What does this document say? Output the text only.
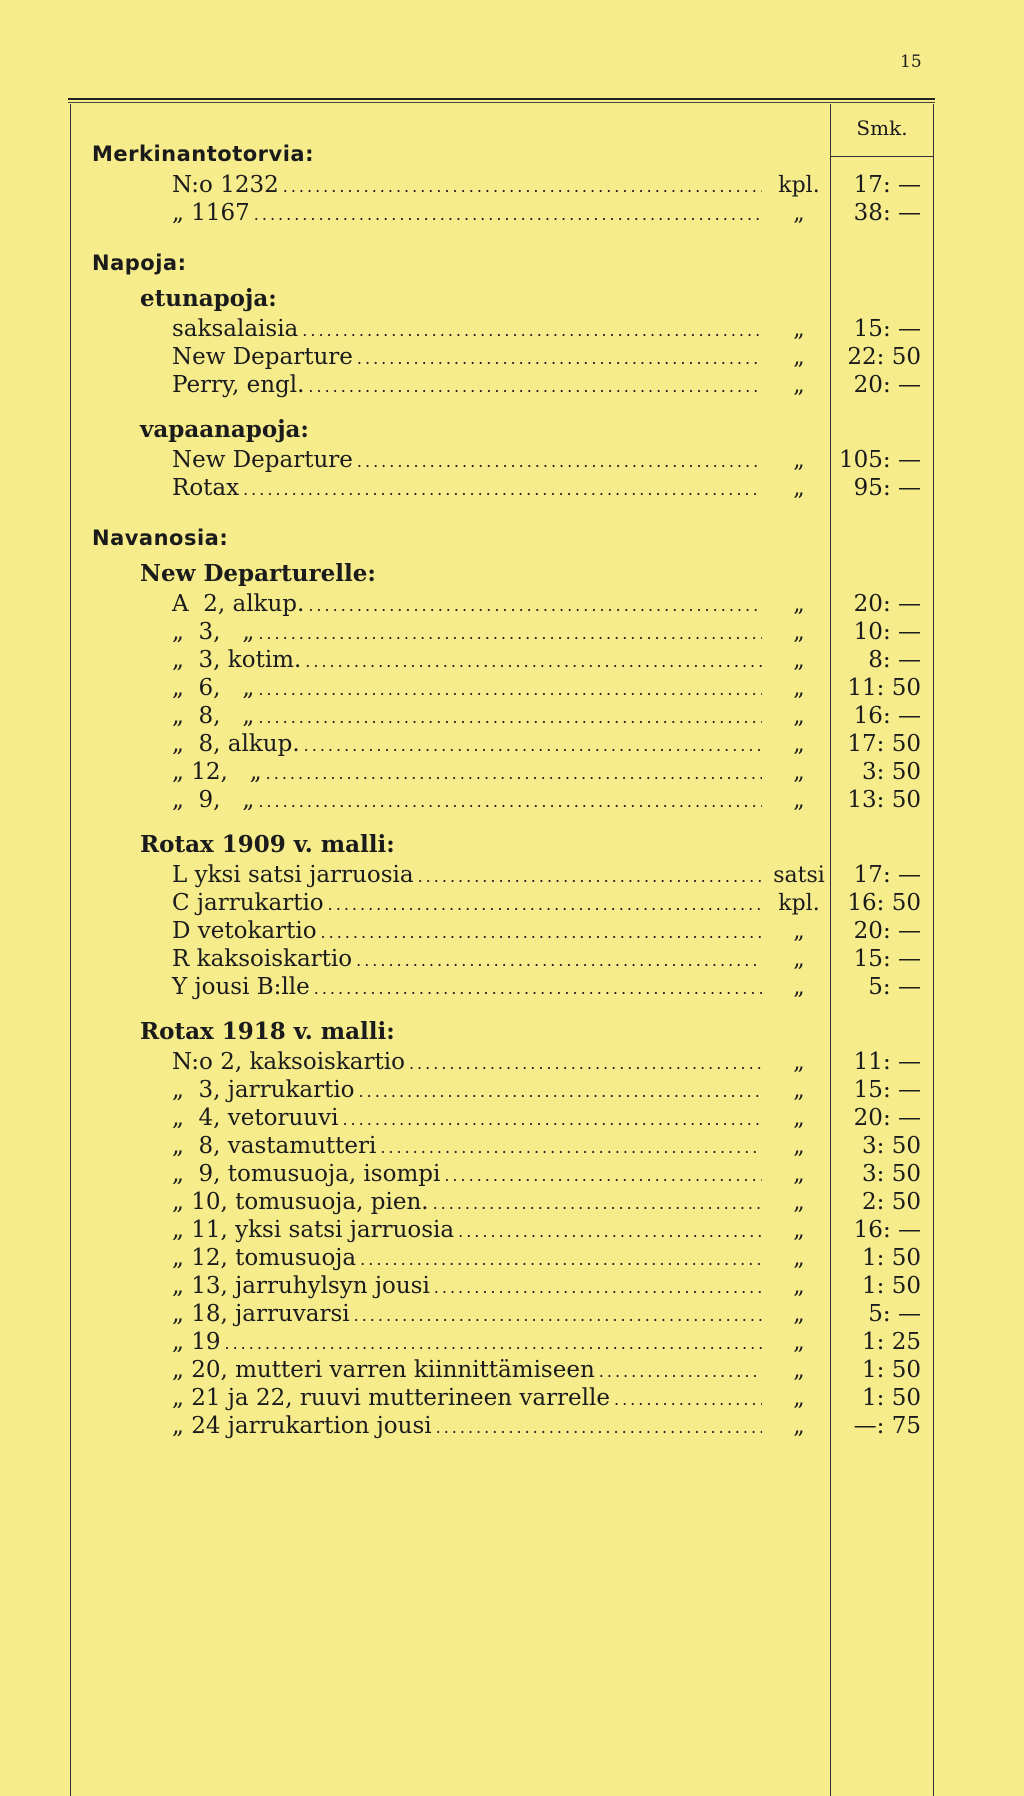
15
Smk.
Merkinantotorvia:
N:o 1232 .....	kpl.	17: —
„ 1167 .....	„	38: —
Napoja:
etunapoja:
saksalaisia .....	„	15: —
New Departure .....	„	22: 50
Perry, engl. .....	„	20: —
vapaanapoja:
New Departure .....	„	105: —
Rotax .....	„	95: —
Navanosia:
New Departurelle:
A  2, alkup. .....	„	20: —
„  3,   „ .....	„	10: —
„  3, kotim. .....	„	8: —
„  6,   „ .....	„	11: 50
„  8,   „ .....	„	16: —
„  8, alkup. .....	„	17: 50
„ 12,   „ .....	„	3: 50
„  9,   „ .....	„	13: 50
Rotax 1909 v. malli:
L yksi satsi jarruosia .....	satsi	17: —
C jarrukartio .....	kpl.	16: 50
D vetokartio .....	„	20: —
R kaksoiskartio .....	„	15: —
Y jousi B:lle .....	„	5: —
Rotax 1918 v. malli:
N:o 2, kaksoiskartio .....	„	11: —
„  3, jarrukartio .....	„	15: —
„  4, vetoruuvi .....	„	20: —
„  8, vastamutteri .....	„	3: 50
„  9, tomusuoja, isompi .....	„	3: 50
„ 10, tomusuoja, pien. .....	„	2: 50
„ 11, yksi satsi jarruosia .....	„	16: —
„ 12, tomusuoja .....	„	1: 50
„ 13, jarruhylsyn jousi .....	„	1: 50
„ 18, jarruvarsi .....	„	5: —
„ 19 .....	„	1: 25
„ 20, mutteri varren kiinnittämiseen .....	„	1: 50
„ 21 ja 22, ruuvi mutterineen varrelle .....	„	1: 50
„ 24 jarrukartion jousi .....	„	—: 75
